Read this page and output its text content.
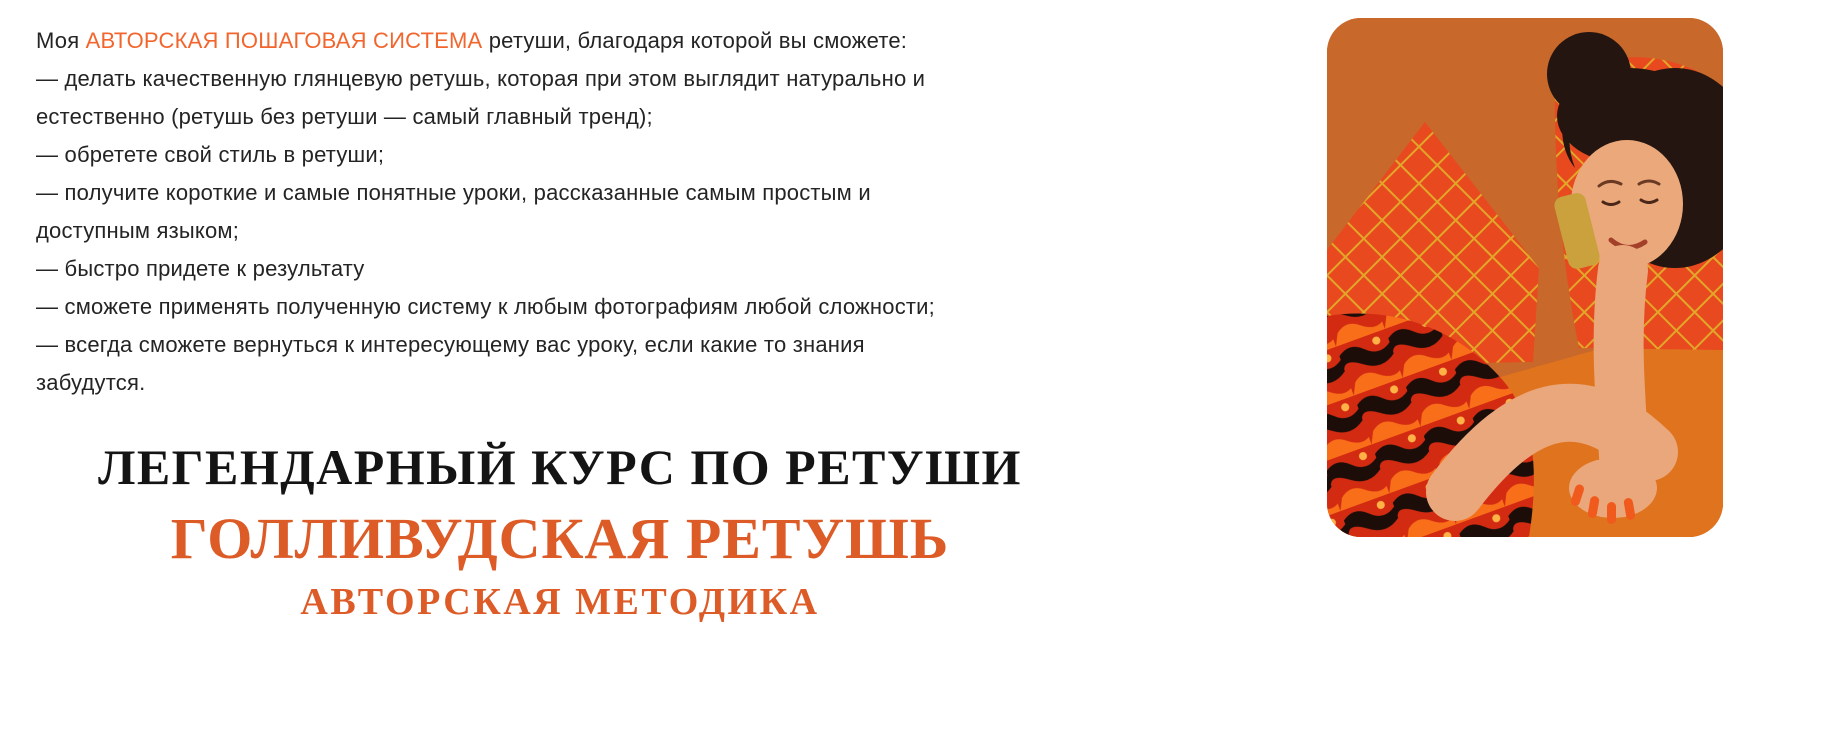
Моя АВТОРСКАЯ ПОШАГОВАЯ СИСТЕМА ретуши, благодаря которой вы сможете:

— делать качественную глянцевую ретушь, которая при этом выглядит натурально и естественно (ретушь без ретуши — самый главный тренд);

— обретете свой стиль в ретуши;

— получите короткие и самые понятные уроки, рассказанные самым простым и доступным языком;

— быстро придете к результату

— сможете применять полученную систему к любым фотографиям любой сложности;

— всегда сможете вернуться к интересующему вас уроку, если какие то знания забудутся.

ЛЕГЕНДАРНЫЙ КУРС ПО РЕТУШИ
ГОЛЛИВУДСКАЯ РЕТУШЬ
АВТОРСКАЯ МЕТОДИКА
